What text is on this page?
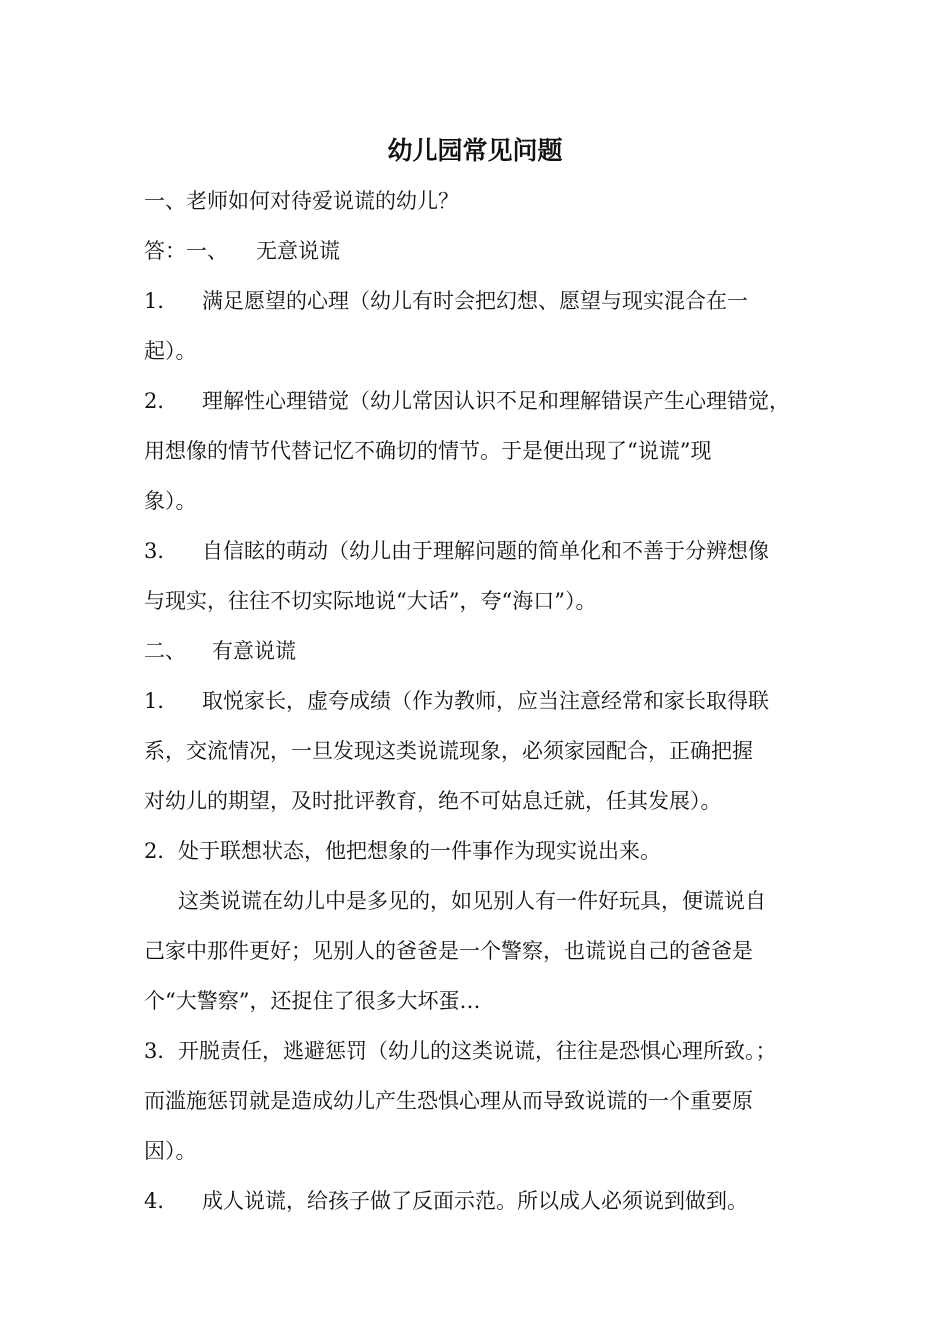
幼儿园常见问题
一、老师如何对待爱说谎的幼儿？
答：一、 无意说谎
1． 满足愿望的心理（幼儿有时会把幻想、愿望与现实混合在一
起）。
2． 理解性心理错觉（幼儿常因认识不足和理解错误产生心理错觉，
用想像的情节代替记忆不确切的情节。于是便出现了“说谎”现
象）。
3． 自信眩的萌动（幼儿由于理解问题的简单化和不善于分辨想像
与现实，往往不切实际地说“大话”，夸“海口”）。
二、 有意说谎
1． 取悦家长，虚夸成绩（作为教师，应当注意经常和家长取得联
系，交流情况，一旦发现这类说谎现象，必须家园配合，正确把握
对幼儿的期望，及时批评教育，绝不可姑息迁就，任其发展）。
2．处于联想状态，他把想象的一件事作为现实说出来。
这类说谎在幼儿中是多见的，如见别人有一件好玩具，便谎说自
己家中那件更好；见别人的爸爸是一个警察，也谎说自己的爸爸是
个“大警察”，还捉住了很多大坏蛋…
3．开脱责任，逃避惩罚（幼儿的这类说谎，往往是恐惧心理所致。；
而滥施惩罚就是造成幼儿产生恐惧心理从而导致说谎的一个重要原
因）。
4． 成人说谎，给孩子做了反面示范。所以成人必须说到做到。
